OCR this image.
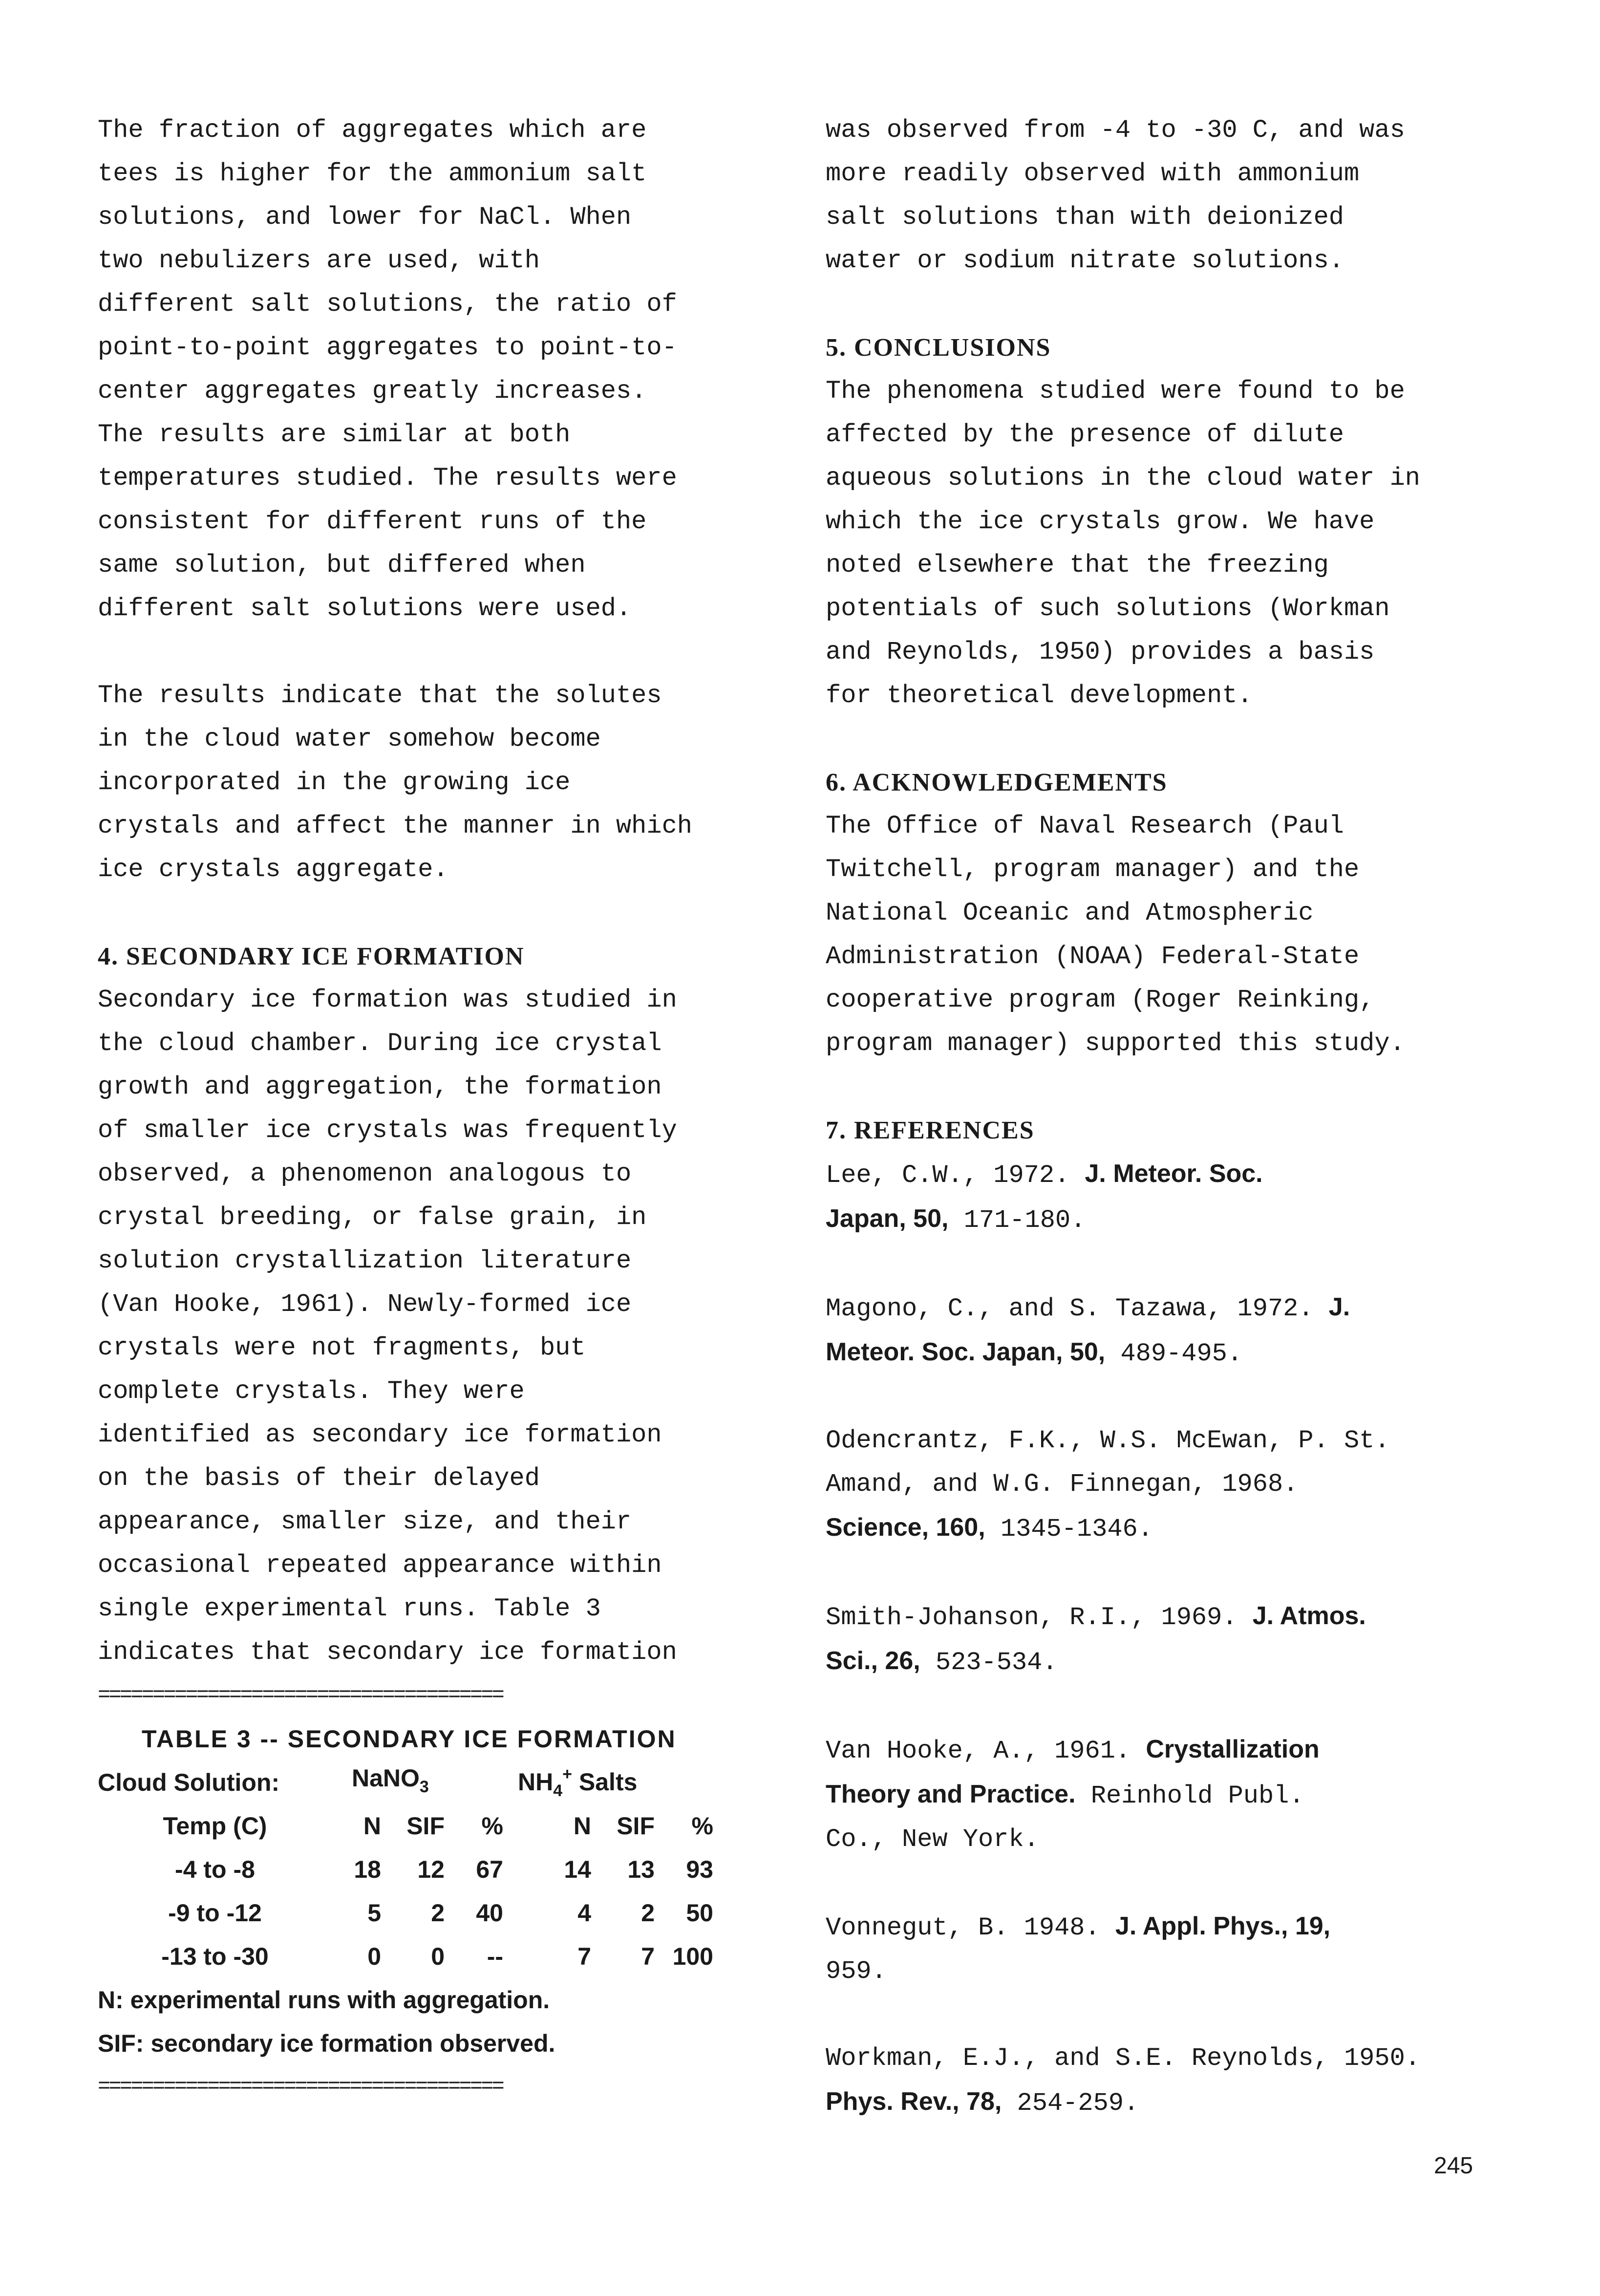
The fraction of aggregates which are
tees is higher for the ammonium salt
solutions, and lower for NaCl. When
two nebulizers are used, with
different salt solutions, the ratio of
point-to-point aggregates to point-to-
center aggregates greatly increases.
The results are similar at both
temperatures studied. The results were
consistent for different runs of the
same solution, but differed when
different salt solutions were used.

The results indicate that the solutes
in the cloud water somehow become
incorporated in the growing ice
crystals and affect the manner in which
ice crystals aggregate.

4. SECONDARY ICE FORMATION

Secondary ice formation was studied in
the cloud chamber. During ice crystal
growth and aggregation, the formation
of smaller ice crystals was frequently
observed, a phenomenon analogous to
crystal breeding, or false grain, in
solution crystallization literature
(Van Hooke, 1961). Newly-formed ice
crystals were not fragments, but
complete crystals. They were
identified as secondary ice formation
on the basis of their delayed
appearance, smaller size, and their
occasional repeated appearance within
single experimental runs. Table 3
indicates that secondary ice formation

=====================================
TABLE 3 -- SECONDARY ICE FORMATION
Cloud Solution:	NaNO$_3$	$NH_4^+$ Salts
Temp (C)	N	SIF	%	N	SIF	%
-4 to -8	18	12	67	14	13	93
-9 to -12	5	2	40	4	2	50
-13 to -30	0	0	--	7	7 100
N: experimental runs with aggregation.
SIF: secondary ice formation observed.
=====================================

was observed from -4 to -30 C, and was
more readily observed with ammonium
salt solutions than with deionized
water or sodium nitrate solutions.

5. CONCLUSIONS

The phenomena studied were found to be
affected by the presence of dilute
aqueous solutions in the cloud water in
which the ice crystals grow. We have
noted elsewhere that the freezing
potentials of such solutions (Workman
and Reynolds, 1950) provides a basis
for theoretical development.

6. ACKNOWLEDGEMENTS

The Office of Naval Research (Paul
Twitchell, program manager) and the
National Oceanic and Atmospheric
Administration (NOAA) Federal-State
cooperative program (Roger Reinking,
program manager) supported this study.

7. REFERENCES

Lee, C.W., 1972. J. Meteor. Soc.
Japan, 50, 171-180.

Magono, C., and S. Tazawa, 1972. J.
Meteor. Soc. Japan, 50, 489-495.

Odencrantz, F.K., W.S. McEwan, P. St.
Amand, and W.G. Finnegan, 1968.
Science, 160, 1345-1346.

Smith-Johanson, R.I., 1969. J. Atmos.
Sci., 26, 523-534.

Van Hooke, A., 1961. Crystallization
Theory and Practice. Reinhold Publ.
Co., New York.

Vonnegut, B. 1948. J. Appl. Phys., 19,
959.

Workman, E.J., and S.E. Reynolds, 1950.
Phys. Rev., 78, 254-259.

245
